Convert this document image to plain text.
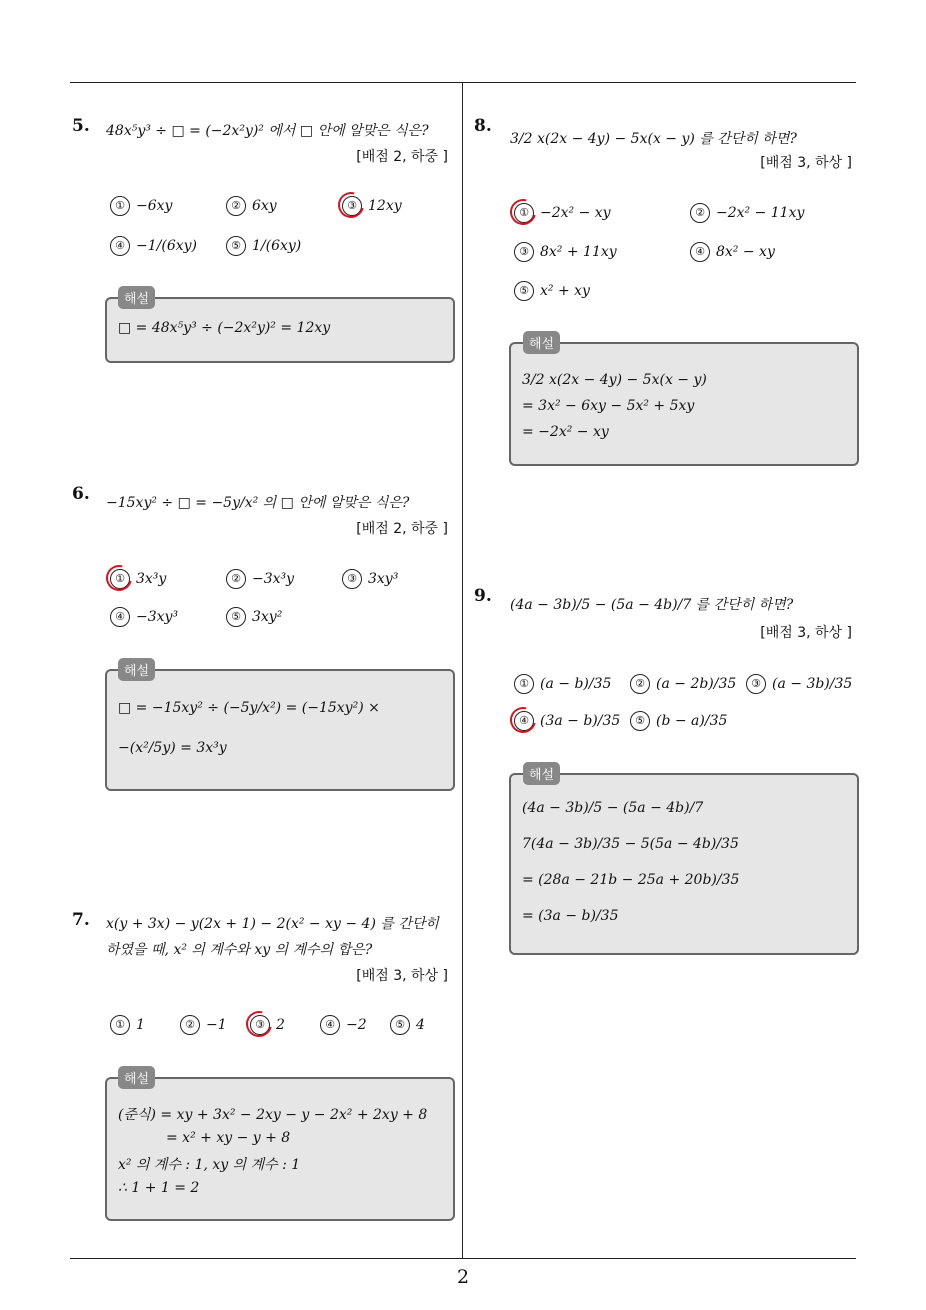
5. 48x⁵y³ ÷ □ = (−2x²y)² 에서 □ 안에 알맞은 식은?
[배점 2, 하중 ]
① −6xy	② 6xy	③ 12xy
④ −1/(6xy)	⑤ 1/(6xy)
해설
□ = 48x⁵y³ ÷ (−2x²y)² = 12xy
6. −15xy² ÷ □ = −5y/x² 의 □ 안에 알맞은 식은?
[배점 2, 하중 ]
① 3x³y	② −3x³y	③ 3xy³
④ −3xy³	⑤ 3xy²
해설
□ = −15xy² ÷ (−5y/x²) = (−15xy²) ×
−(x²/5y) = 3x³y
7. x(y + 3x) − y(2x + 1) − 2(x² − xy − 4) 를 간단히
하였을 때, x² 의 계수와 xy 의 계수의 합은?
[배점 3, 하상 ]
① 1	② −1	③ 2	④ −2	⑤ 4
해설
(준식) = xy + 3x² − 2xy − y − 2x² + 2xy + 8
= x² + xy − y + 8
x² 의 계수 : 1, xy 의 계수 : 1
∴ 1 + 1 = 2
8.
3/2 x(2x − 4y) − 5x(x − y) 를 간단히 하면?
[배점 3, 하상 ]
① −2x² − xy	② −2x² − 11xy
③ 8x² + 11xy	④ 8x² − xy
⑤ x² + xy
해설
3/2 x(2x − 4y) − 5x(x − y)
= 3x² − 6xy − 5x² + 5xy
= −2x² − xy
9. (4a − 3b)/5 − (5a − 4b)/7 를 간단히 하면?
[배점 3, 하상 ]
① (a − b)/35	② (a − 2b)/35	③ (a − 3b)/35
④ (3a − b)/35	⑤ (b − a)/35
해설
(4a − 3b)/5 − (5a − 4b)/7
7(4a − 3b)/35 − 5(5a − 4b)/35
= (28a − 21b − 25a + 20b)/35
= (3a − b)/35
2
